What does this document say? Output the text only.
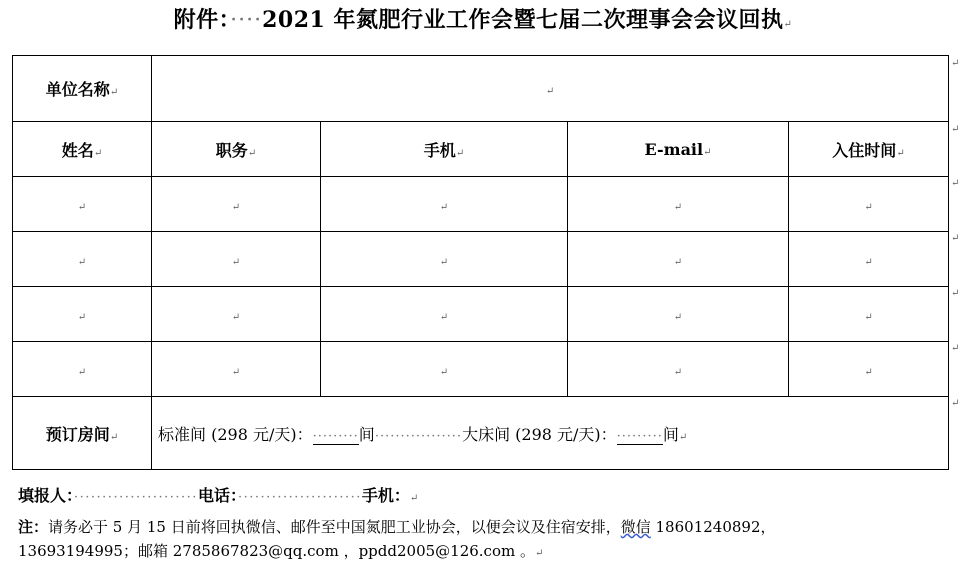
附件：····2021 年氮肥行业工作会暨七届二次理事会会议回执↵
单位名称↵	↵			
姓名↵	职务↵	手机↵	E-mail↵	入住时间↵
↵	↵	↵	↵	↵
↵	↵	↵	↵	↵
↵	↵	↵	↵	↵
↵	↵	↵	↵	↵
预订房间↵	标准间 (298 元/天)：·········间·················大床间 (298 元/天)：·········间↵			
↵
↵
↵
↵
↵
↵
↵
填报人：······················电话：······················手机：↵
注：请务必于 5 月 15 日前将回执微信、邮件至中国氮肥工业协会，以便会议及住宿安排，微信 18601240892，
13693194995；邮箱 2785867823@qq.com ，ppdd2005@126.com 。↵
